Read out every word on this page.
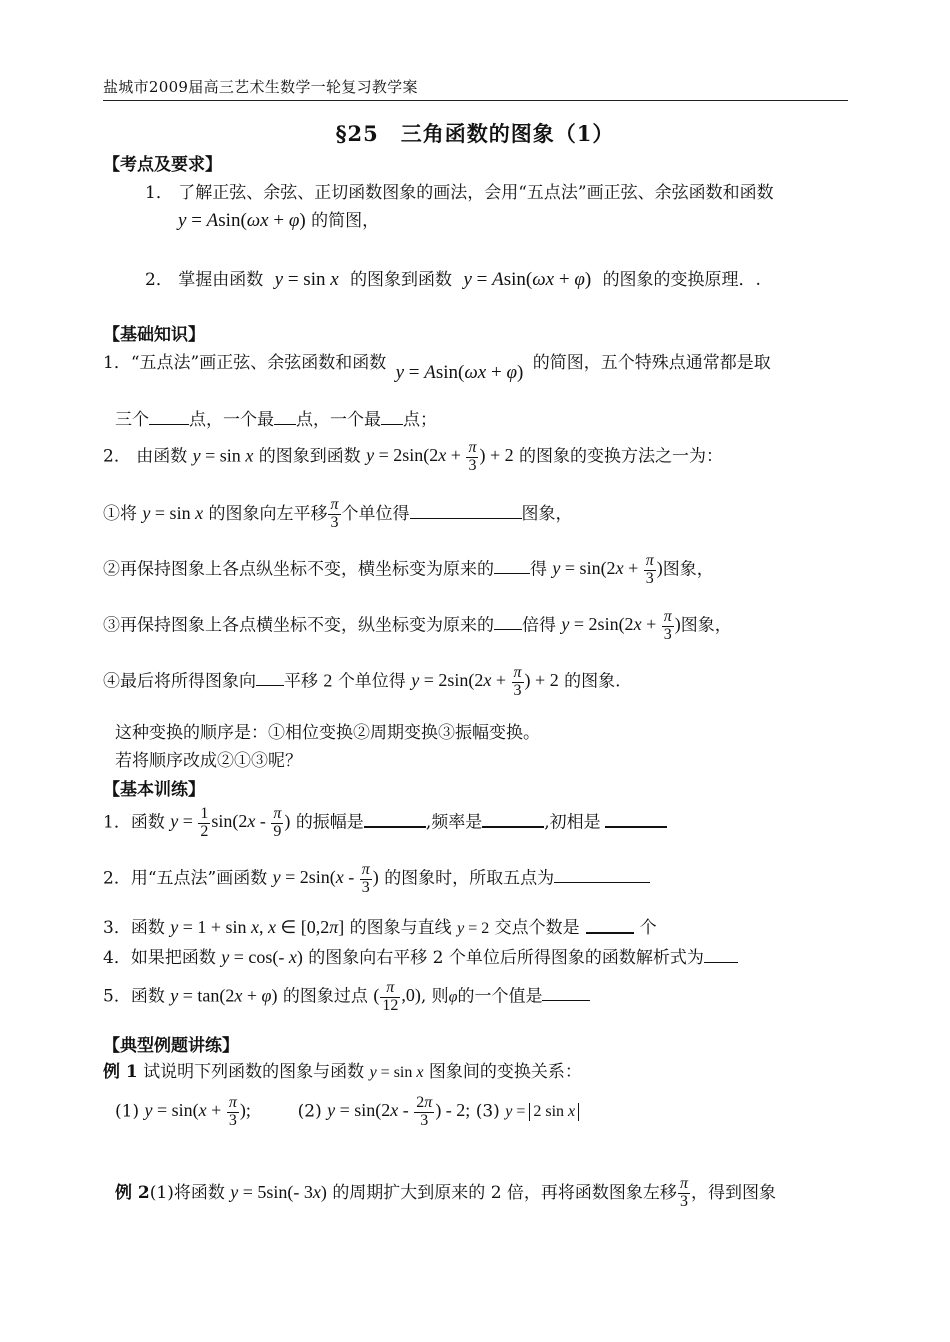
盐城市2009届高三艺术生数学一轮复习教学案
§25　三角函数的图象（1）
【考点及要求】
1． 了解正弦、余弦、正切函数图象的画法，会用“五点法”画正弦、余弦函数和函数
y = Asin(ωx + φ) 的简图，
2． 掌握由函数 y = sin x 的图象到函数 y = Asin(ωx + φ) 的图象的变换原理．.
【基础知识】
1．“五点法”画正弦、余弦函数和函数 y = Asin(ωx + φ) 的简图，五个特殊点通常都是取
三个 点，一个最 点，一个最 点；
2． 由函数 y = sin x 的图象到函数 $y = 2\sin(2x + \frac{\pi}{3}$ ) + 2 的图象的变换方法之一为：
①将 y = sin x 的图象向左平移 $\frac{\pi}{3}$ 个单位得	图象，
②再保持图象上各点纵坐标不变，横坐标变为原来的 得 $y = \sin(2x + \frac{\pi}{3}$ )图象，
③再保持图象上各点横坐标不变，纵坐标变为原来的 倍得 $y = 2\sin(2x + \frac{\pi}{3}$ )图象，
④最后将所得图象向 平移 2 个单位得 $y = 2\sin(2x + \frac{\pi}{3}$ ) + 2 的图象.
这种变换的顺序是：①相位变换②周期变换③振幅变换。
若将顺序改成②①③呢？
【基本训练】
1．函数 $y = \frac{1}{2} \sin(2x - \frac{\pi}{9}$ ) 的振幅是	,频率是	,初相是
2．用“五点法”画函数 $y = 2\sin(x - \frac{\pi}{3}$ ) 的图象时，所取五点为
3．函数 y = 1 + sin x, x ∈ [0,2π] 的图象与直线 y = 2 交点个数是	个
4．如果把函数 y = cos(- x) 的图象向右平移 2 个单位后所得图象的函数解析式为
5．函数 y = tan(2x + φ) 的图象过点 ( $\frac{\pi}{12} ,0$), 则φ的一个值是
【典型例题讲练】
例 1 试说明下列函数的图象与函数 y = sin x 图象间的变换关系：
(1) $y = \sin(x + \frac{\pi}{3}$ );	(2) $y = \sin(2x - \frac{2\pi}{3}$ ) - 2; (3) y = 2 sin x
例 2(1)将函数 y = 5sin(- 3x) 的周期扩大到原来的 2 倍，再将函数图象左移 $\frac{\pi}{3}$ ，得到图象
